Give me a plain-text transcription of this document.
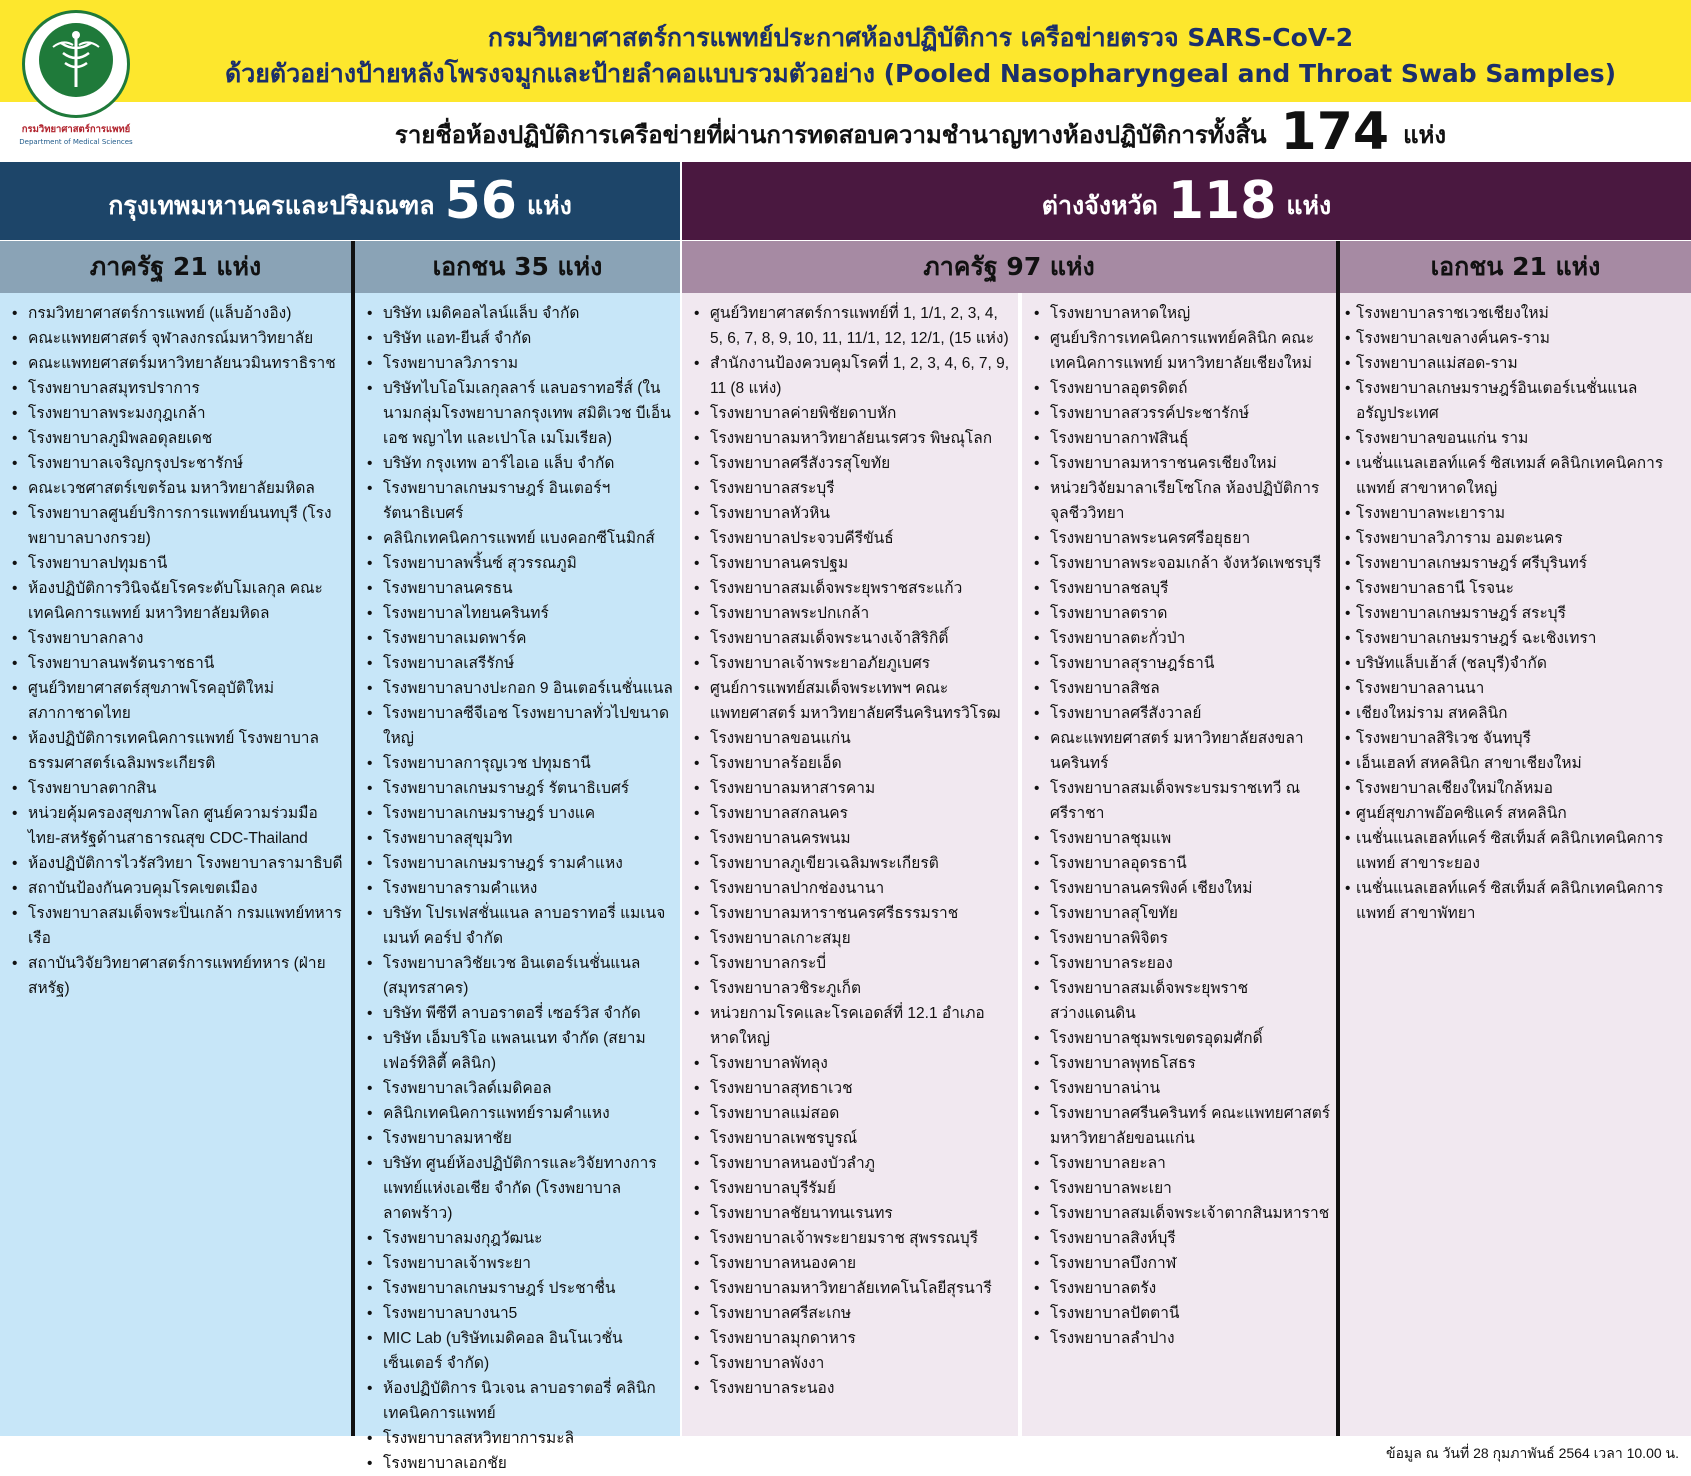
กรมวิทยาศาสตร์การแพทย์
Department of Medical Sciences
กรมวิทยาศาสตร์การแพทย์ประกาศห้องปฏิบัติการ เครือข่ายตรวจ SARS-CoV-2
ด้วยตัวอย่างป้ายหลังโพรงจมูกและป้ายลำคอแบบรวมตัวอย่าง (Pooled Nasopharyngeal and Throat Swab Samples)
รายชื่อห้องปฏิบัติการเครือข่ายที่ผ่านการทดสอบความชำนาญทางห้องปฏิบัติการทั้งสิ้น 174 แห่ง
กรุงเทพมหานครและปริมณฑล 56 แห่ง	ต่างจังหวัด 118 แห่ง
ภาครัฐ 21 แห่ง	เอกชน 35 แห่ง	ภาครัฐ 97 แห่ง	เอกชน 21 แห่ง
• กรมวิทยาศาสตร์การแพทย์ (แล็บอ้างอิง)
• คณะแพทยศาสตร์ จุฬาลงกรณ์มหาวิทยาลัย
• คณะแพทยศาสตร์มหาวิทยาลัยนวมินทราธิราช
• โรงพยาบาลสมุทรปราการ
• โรงพยาบาลพระมงกุฎเกล้า
• โรงพยาบาลภูมิพลอดุลยเดช
• โรงพยาบาลเจริญกรุงประชารักษ์
• คณะเวชศาสตร์เขตร้อน มหาวิทยาลัยมหิดล
• โรงพยาบาลศูนย์บริการการแพทย์นนทบุรี (โรงพยาบาลบางกรวย)
• โรงพยาบาลปทุมธานี
• ห้องปฏิบัติการวินิจฉัยโรคระดับโมเลกุล คณะเทคนิคการแพทย์ มหาวิทยาลัยมหิดล
• โรงพยาบาลกลาง
• โรงพยาบาลนพรัตนราชธานี
• ศูนย์วิทยาศาสตร์สุขภาพโรคอุบัติใหม่ สภากาชาดไทย
• ห้องปฏิบัติการเทคนิคการแพทย์ โรงพยาบาลธรรมศาสตร์เฉลิมพระเกียรติ
• โรงพยาบาลตากสิน
• หน่วยคุ้มครองสุขภาพโลก ศูนย์ความร่วมมือไทย-สหรัฐด้านสาธารณสุข CDC-Thailand
• ห้องปฏิบัติการไวรัสวิทยา โรงพยาบาลรามาธิบดี
• สถาบันป้องกันควบคุมโรคเขตเมือง
• โรงพยาบาลสมเด็จพระปิ่นเกล้า กรมแพทย์ทหารเรือ
• สถาบันวิจัยวิทยาศาสตร์การแพทย์ทหาร (ฝ่ายสหรัฐ)
• บริษัท เมดิคอลไลน์แล็บ จำกัด
• บริษัท แอท-ยีนส์ จำกัด
• โรงพยาบาลวิภาราม
• บริษัทไบโอโมเลกุลลาร์ แลบอราทอรี่ส์ (ในนามกลุ่มโรงพยาบาลกรุงเทพ สมิติเวช บีเอ็นเอช พญาไท และเปาโล เมโมเรียล)
• บริษัท กรุงเทพ อาร์ไอเอ แล็บ จำกัด
• โรงพยาบาลเกษมราษฎร์ อินเตอร์ฯ รัตนาธิเบศร์
• คลินิกเทคนิคการแพทย์ แบงคอกซีโนมิกส์
• โรงพยาบาลพริ้นซ์ สุวรรณภูมิ
• โรงพยาบาลนครธน
• โรงพยาบาลไทยนครินทร์
• โรงพยาบาลเมดพาร์ค
• โรงพยาบาลเสรีรักษ์
• โรงพยาบาลบางปะกอก 9 อินเตอร์เนชั่นแนล
• โรงพยาบาลซีจีเอช โรงพยาบาลทั่วไปขนาดใหญ่
• โรงพยาบาลการุญเวช ปทุมธานี
• โรงพยาบาลเกษมราษฎร์ รัตนาธิเบศร์
• โรงพยาบาลเกษมราษฎร์ บางแค
• โรงพยาบาลสุขุมวิท
• โรงพยาบาลเกษมราษฎร์ รามคำแหง
• โรงพยาบาลรามคำแหง
• บริษัท โปรเฟสชั่นแนล ลาบอราทอรี่ แมเนจเมนท์ คอร์ป จำกัด
• โรงพยาบาลวิชัยเวช อินเตอร์เนชั่นแนล (สมุทรสาคร)
• บริษัท พีซีที ลาบอราตอรี่ เซอร์วิส จำกัด
• บริษัท เอ็มบริโอ แพลนเนท จำกัด (สยามเฟอร์ทิลิตี้ คลินิก)
• โรงพยาบาลเวิลด์เมดิคอล
• คลินิกเทคนิคการแพทย์รามคำแหง
• โรงพยาบาลมหาชัย
• บริษัท ศูนย์ห้องปฏิบัติการและวิจัยทางการแพทย์แห่งเอเชีย จำกัด (โรงพยาบาลลาดพร้าว)
• โรงพยาบาลมงกุฎวัฒนะ
• โรงพยาบาลเจ้าพระยา
• โรงพยาบาลเกษมราษฎร์ ประชาชื่น
• โรงพยาบาลบางนา5
• MIC Lab (บริษัทเมดิคอล อินโนเวชั่น เซ็นเตอร์ จำกัด)
• ห้องปฏิบัติการ นิวเจน ลาบอราตอรี่ คลินิกเทคนิคการแพทย์
• โรงพยาบาลสหวิทยาการมะลิ
• โรงพยาบาลเอกชัย
• ศูนย์วิทยาศาสตร์การแพทย์ที่ 1, 1/1, 2, 3, 4, 5, 6, 7, 8, 9, 10, 11, 11/1, 12, 12/1, (15 แห่ง)
• สำนักงานป้องควบคุมโรคที่ 1, 2, 3, 4, 6, 7, 9, 11 (8 แห่ง)
• โรงพยาบาลค่ายพิชัยดาบหัก
• โรงพยาบาลมหาวิทยาลัยนเรศวร พิษณุโลก
• โรงพยาบาลศรีสังวรสุโขทัย
• โรงพยาบาลสระบุรี
• โรงพยาบาลหัวหิน
• โรงพยาบาลประจวบคีรีขันธ์
• โรงพยาบาลนครปฐม
• โรงพยาบาลสมเด็จพระยุพราชสระแก้ว
• โรงพยาบาลพระปกเกล้า
• โรงพยาบาลสมเด็จพระนางเจ้าสิริกิติ์
• โรงพยาบาลเจ้าพระยาอภัยภูเบศร
• ศูนย์การแพทย์สมเด็จพระเทพฯ คณะแพทยศาสตร์ มหาวิทยาลัยศรีนครินทรวิโรฒ
• โรงพยาบาลขอนแก่น
• โรงพยาบาลร้อยเอ็ด
• โรงพยาบาลมหาสารคาม
• โรงพยาบาลสกลนคร
• โรงพยาบาลนครพนม
• โรงพยาบาลภูเขียวเฉลิมพระเกียรติ
• โรงพยาบาลปากช่องนานา
• โรงพยาบาลมหาราชนครศรีธรรมราช
• โรงพยาบาลเกาะสมุย
• โรงพยาบาลกระบี่
• โรงพยาบาลวชิระภูเก็ต
• หน่วยกามโรคและโรคเอดส์ที่ 12.1 อำเภอหาดใหญ่
• โรงพยาบาลพัทลุง
• โรงพยาบาลสุทธาเวช
• โรงพยาบาลแม่สอด
• โรงพยาบาลเพชรบูรณ์
• โรงพยาบาลหนองบัวลำภู
• โรงพยาบาลบุรีรัมย์
• โรงพยาบาลชัยนาทนเรนทร
• โรงพยาบาลเจ้าพระยายมราช สุพรรณบุรี
• โรงพยาบาลหนองคาย
• โรงพยาบาลมหาวิทยาลัยเทคโนโลยีสุรนารี
• โรงพยาบาลศรีสะเกษ
• โรงพยาบาลมุกดาหาร
• โรงพยาบาลพังงา
• โรงพยาบาลระนอง
• โรงพยาบาลหาดใหญ่
• ศูนย์บริการเทคนิคการแพทย์คลินิก คณะเทคนิคการแพทย์ มหาวิทยาลัยเชียงใหม่
• โรงพยาบาลอุตรดิตถ์
• โรงพยาบาลสวรรค์ประชารักษ์
• โรงพยาบาลกาฬสินธุ์
• โรงพยาบาลมหาราชนครเชียงใหม่
• หน่วยวิจัยมาลาเรียโซโกล ห้องปฏิบัติการจุลชีววิทยา
• โรงพยาบาลพระนครศรีอยุธยา
• โรงพยาบาลพระจอมเกล้า จังหวัดเพชรบุรี
• โรงพยาบาลชลบุรี
• โรงพยาบาลตราด
• โรงพยาบาลตะกั่วป่า
• โรงพยาบาลสุราษฎร์ธานี
• โรงพยาบาลสิชล
• โรงพยาบาลศรีสังวาลย์
• คณะแพทยศาสตร์ มหาวิทยาลัยสงขลานครินทร์
• โรงพยาบาลสมเด็จพระบรมราชเทวี ณ ศรีราชา
• โรงพยาบาลชุมแพ
• โรงพยาบาลอุดรธานี
• โรงพยาบาลนครพิงค์ เชียงใหม่
• โรงพยาบาลสุโขทัย
• โรงพยาบาลพิจิตร
• โรงพยาบาลระยอง
• โรงพยาบาลสมเด็จพระยุพราชสว่างแดนดิน
• โรงพยาบาลชุมพรเขตรอุดมศักดิ์
• โรงพยาบาลพุทธโสธร
• โรงพยาบาลน่าน
• โรงพยาบาลศรีนครินทร์ คณะแพทยศาสตร์ มหาวิทยาลัยขอนแก่น
• โรงพยาบาลยะลา
• โรงพยาบาลพะเยา
• โรงพยาบาลสมเด็จพระเจ้าตากสินมหาราช
• โรงพยาบาลสิงห์บุรี
• โรงพยาบาลบึงกาฬ
• โรงพยาบาลตรัง
• โรงพยาบาลปัตตานี
• โรงพยาบาลลำปาง
• โรงพยาบาลราชเวชเชียงใหม่
• โรงพยาบาลเขลางค์นคร-ราม
• โรงพยาบาลแม่สอด-ราม
• โรงพยาบาลเกษมราษฎร์อินเตอร์เนชั่นแนล อรัญประเทศ
• โรงพยาบาลขอนแก่น ราม
• เนชั่นแนลเฮลท์แคร์ ซิสเทมส์ คลินิกเทคนิคการแพทย์ สาขาหาดใหญ่
• โรงพยาบาลพะเยาราม
• โรงพยาบาลวิภาราม อมตะนคร
• โรงพยาบาลเกษมราษฎร์ ศรีบุรินทร์
• โรงพยาบาลธานี โรจนะ
• โรงพยาบาลเกษมราษฎร์ สระบุรี
• โรงพยาบาลเกษมราษฎร์ ฉะเชิงเทรา
• บริษัทแล็บเฮ้าส์ (ชลบุรี)จำกัด
• โรงพยาบาลลานนา
• เชียงใหม่ราม สหคลินิก
• โรงพยาบาลสิริเวช จันทบุรี
• เอ็นเฮลท์ สหคลินิก สาขาเชียงใหม่
• โรงพยาบาลเชียงใหม่ใกล้หมอ
• ศูนย์สุขภาพอ๊อคซิแคร์ สหคลินิก
• เนชั่นแนลเฮลท์แคร์ ซิสเท็มส์ คลินิกเทคนิคการแพทย์ สาขาระยอง
• เนชั่นแนลเฮลท์แคร์ ซิสเท็มส์ คลินิกเทคนิคการแพทย์ สาขาพัทยา
ข้อมูล ณ วันที่ 28 กุมภาพันธ์ 2564 เวลา 10.00 น.
